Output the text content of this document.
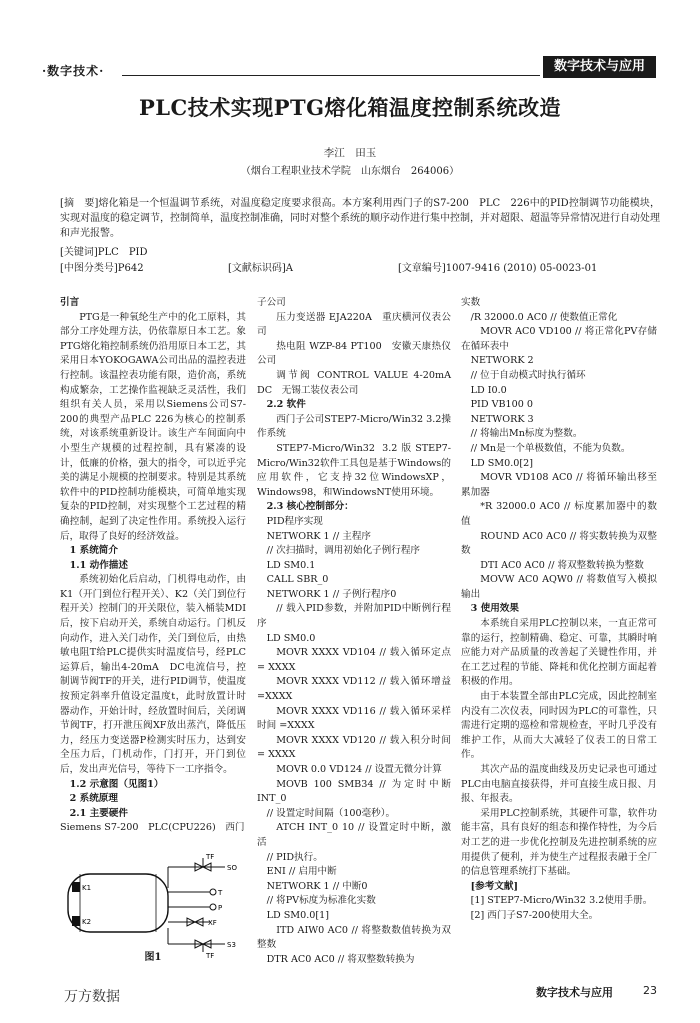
·数字技术·	数字技术与应用
PLC技术实现PTG熔化箱温度控制系统改造
李江　田玉
（烟台工程职业技术学院　山东烟台　264006）
[摘　要]熔化箱是一个恒温调节系统，对温度稳定度要求很高。本方案利用西门子的S7-200　PLC　226中的PID控制调节功能模块，实现对温度的稳定调节，控制简单，温度控制准确，同时对整个系统的顺序动作进行集中控制，并对超限、超温等异常情况进行自动处理和声光报警。
[关键词]PLC　PID
[中图分类号]P642	[文献标识码]A	[文章编号]1007-9416 (2010) 05-0023-01

引言

PTG是一种氧纶生产中的化工原料，其部分工序处理方法，仍依靠原日本工艺。象PTG熔化箱控制系统仍沿用原日本工艺，其采用日本YOKOGAWA公司出品的温控表进行控制。该温控表功能有限，造价高，系统构成繁杂，工艺操作监视缺乏灵活性，我们组织有关人员，采用以Siemens公司S7-200的典型产品PLC 226为核心的控制系统，对该系统重新设计。该生产车间面向中小型生产规模的过程控制，具有紧凑的设计，低廉的价格，强大的指令，可以近乎完美的满足小规模的控制要求。特别是其系统软件中的PID控制功能模块，可简单地实现复杂的PID控制，对实现整个工艺过程的精确控制，起到了决定性作用。系统投入运行后，取得了良好的经济效益。

1 系统简介

1.1 动作描述

系统初始化后启动，门机得电动作，由K1（开门到位行程开关）、K2（关门到位行程开关）控制门的开关限位，装入桶装MDI后，按下启动开关，系统自动运行。门机反向动作，进入关门动作，关门到位后，由热敏电阻T给PLC提供实时温度信号，经PLC运算后，输出4-20mA　DC电流信号，控制调节阀TF的开关，进行PID调节，使温度按预定斜率升值设定温度t，此时放置计时器动作，开始计时，经放置时间后，关闭调节阀TF，打开泄压阀XF放出蒸汽，降低压力，经压力变送器P检测实时压力，达到安全压力后，门机动作，门打开，开门到位后，发出声光信号，等待下一工序指令。

1.2 示意图（见图1）

2 系统原理

2.1 主要硬件

Siemens S7-200　PLC(CPU226)　西门

子公司

压力变送器 EJA220A　重庆横河仪表公司

热电阻 WZP-84 PT100　安徽天康热仪公司

调节阀 CONTROL VALUE 4-20mA DC　无锡工装仪表公司

2.2 软件

西门子公司STEP7-Micro/Win32 3.2操作系统

STEP7-Micro/Win32 3.2版STEP7-Micro/Win32软件工具包是基于Windows的应用软件，它支持32位WindowsXP，Windows98，和WindowsNT使用环境。

2.3 核心控制部分：

PID程序实现

NETWORK 1 // 主程序

// 次扫描时，调用初始化子例行程序

LD SM0.1

CALL SBR_0

NETWORK 1 // 子例行程序0

// 载入PID参数，并附加PID中断例行程序

LD SM0.0

MOVR XXXX VD104 // 载入循环定点 = XXXX

MOVR XXXX VD112 // 载入循环增益 =XXXX

MOVR XXXX VD116 // 载入循环采样时间 =XXXX

MOVR XXXX VD120 // 载入积分时间 = XXXX

MOVR 0.0 VD124 // 设置无微分计算

MOVB 100 SMB34 // 为定时中断INT_0

// 设置定时间隔（100毫秒）。

ATCH INT_0 10 // 设置定时中断，激活

// PID执行。

ENI // 启用中断

NETWORK 1 // 中断0

// 将PV标度为标准化实数

LD SM0.0[1]

ITD AIW0 AC0 // 将整数数值转换为双整数

DTR AC0 AC0 // 将双整数转换为

实数

/R 32000.0 AC0 // 使数值正常化

MOVR AC0 VD100 // 将正常化PV存储在循环表中

NETWORK 2

// 位于自动模式时执行循环

LD I0.0

PID VB100 0

NETWORK 3

// 将输出Mn标度为整数。

// Mn是一个单极数值，不能为负数。

LD SM0.0[2]

MOVR VD108 AC0 // 将循环输出移至累加器

*R 32000.0 AC0 // 标度累加器中的数值

ROUND AC0 AC0 // 将实数转换为双整数

DTI AC0 AC0 // 将双整数转换为整数

MOVW AC0 AQW0 // 将数值写入模拟输出

3 使用效果

本系统自采用PLC控制以来，一直正常可靠的运行，控制精确、稳定、可靠，其瞬时响应能力对产品质量的改善起了关键性作用，并在工艺过程的节能、降耗和优化控制方面起着积极的作用。

由于本装置全部由PLC完成，因此控制室内没有二次仪表，同时因为PLC的可靠性，只需进行定期的巡检和常规检查，平时几乎没有维护工作，从而大大减轻了仪表工的日常工作。

其次产品的温度曲线及历史记录也可通过PLC由电脑直接获得，并可直接生成日报、月报、年报表。

采用PLC控制系统，其硬件可靠，软件功能丰富，具有良好的组态和操作特性，为今后对工艺的进一步优化控制及先进控制系统的应用提供了便利，并为使生产过程报表融于全厂的信息管理系统打下基础。

[参考文献]

[1] STEP7-Micro/Win32 3.2使用手册。

[2] 西门子S7-200使用大全。

K1
K2
TF
SO
T
P
XF
TF
S3
图1
万方数据	数字技术与应用	23
